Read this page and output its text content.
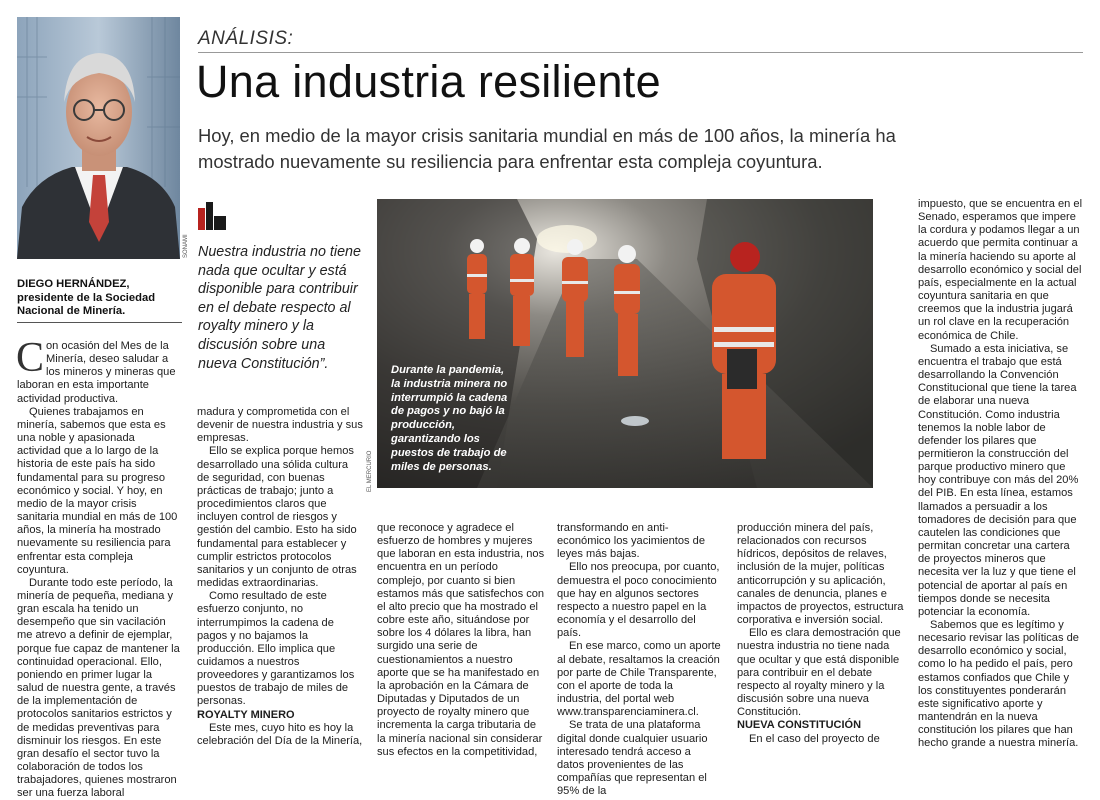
ANÁLISIS:
Una industria resiliente
Hoy, en medio de la mayor crisis sanitaria mundial en más de 100 años, la minería ha mostrado nuevamente su resiliencia para enfrentar esta compleja coyuntura.
SONAMI
DIEGO HERNÁNDEZ,
presidente de la Sociedad Nacional de Minería.
Nuestra industria no tiene nada que ocultar y está disponible para contribuir en el debate respecto al royalty minero y la discusión sobre una nueva Constitución”.
EL MERCURIO
Durante la pandemia, la industria minera no interrumpió la cadena de pagos y no bajó la producción, garantizando los puestos de trabajo de miles de personas.

Con ocasión del Mes de la Minería, deseo saludar a los mineros y mineras que laboran en esta importante actividad productiva.

Quienes trabajamos en minería, sabemos que esta es una noble y apasionada actividad que a lo largo de la historia de este país ha sido fundamental para su progreso económico y social. Y hoy, en medio de la mayor crisis sanitaria mundial en más de 100 años, la minería ha mostrado nuevamente su resiliencia para enfrentar esta compleja coyuntura.

Durante todo este período, la minería de pequeña, mediana y gran escala ha tenido un desempeño que sin vacilación me atrevo a definir de ejemplar, porque fue capaz de mantener la continuidad operacional. Ello, poniendo en primer lugar la salud de nuestra gente, a través de la implementación de protocolos sanitarios estrictos y de medidas preventivas para disminuir los riesgos. En este gran desafío el sector tuvo la colaboración de todos los trabajadores, quienes mostraron ser una fuerza laboral

madura y comprometida con el devenir de nuestra industria y sus empresas.

Ello se explica porque hemos desarrollado una sólida cultura de seguridad, con buenas prácticas de trabajo; junto a procedimientos claros que incluyen control de riesgos y gestión del cambio. Esto ha sido fundamental para establecer y cumplir estrictos protocolos sanitarios y un conjunto de otras medidas extraordinarias.

Como resultado de este esfuerzo conjunto, no interrumpimos la cadena de pagos y no bajamos la producción. Ello implica que cuidamos a nuestros proveedores y garantizamos los puestos de trabajo de miles de personas.

ROYALTY MINERO

Este mes, cuyo hito es hoy la celebración del Día de la Minería,

que reconoce y agradece el esfuerzo de hombres y mujeres que laboran en esta industria, nos encuentra en un período complejo, por cuanto si bien estamos más que satisfechos con el alto precio que ha mostrado el cobre este año, situándose por sobre los 4 dólares la libra, han surgido una serie de cuestionamientos a nuestro aporte que se ha manifestado en la aprobación en la Cámara de Diputadas y Diputados de un proyecto de royalty minero que incrementa la carga tributaria de la minería nacional sin considerar sus efectos en la competitividad,

transformando en anti-económico los yacimientos de leyes más bajas.

Ello nos preocupa, por cuanto, demuestra el poco conocimiento que hay en algunos sectores respecto a nuestro papel en la economía y el desarrollo del país.

En ese marco, como un aporte al debate, resaltamos la creación por parte de Chile Transparente, con el aporte de toda la industria, del portal web www.transparenciaminera.cl.

Se trata de una plataforma digital donde cualquier usuario interesado tendrá acceso a datos provenientes de las compañías que representan el 95% de la

producción minera del país, relacionados con recursos hídricos, depósitos de relaves, inclusión de la mujer, políticas anticorrupción y su aplicación, canales de denuncia, planes e impactos de proyectos, estructura corporativa e inversión social.

Ello es clara demostración que nuestra industria no tiene nada que ocultar y que está disponible para contribuir en el debate respecto al royalty minero y la discusión sobre una nueva Constitución.

NUEVA CONSTITUCIÓN

En el caso del proyecto de

impuesto, que se encuentra en el Senado, esperamos que impere la cordura y podamos llegar a un acuerdo que permita continuar a la minería haciendo su aporte al desarrollo económico y social del país, especialmente en la actual coyuntura sanitaria en que creemos que la industria jugará un rol clave en la recuperación económica de Chile.

Sumado a esta iniciativa, se encuentra el trabajo que está desarrollando la Convención Constitucional que tiene la tarea de elaborar una nueva Constitución. Como industria tenemos la noble labor de defender los pilares que permitieron la construcción del parque productivo minero que hoy contribuye con más del 20% del PIB. En esta línea, estamos llamados a persuadir a los tomadores de decisión para que cautelen las condiciones que permitan concretar una cartera de proyectos mineros que necesita ver la luz y que tiene el potencial de aportar al país en tiempos donde se necesita potenciar la economía.

Sabemos que es legítimo y necesario revisar las políticas de desarrollo económico y social, como lo ha pedido el país, pero estamos confiados que Chile y los constituyentes ponderarán este significativo aporte y mantendrán en la nueva constitución los pilares que han hecho grande a nuestra minería.
